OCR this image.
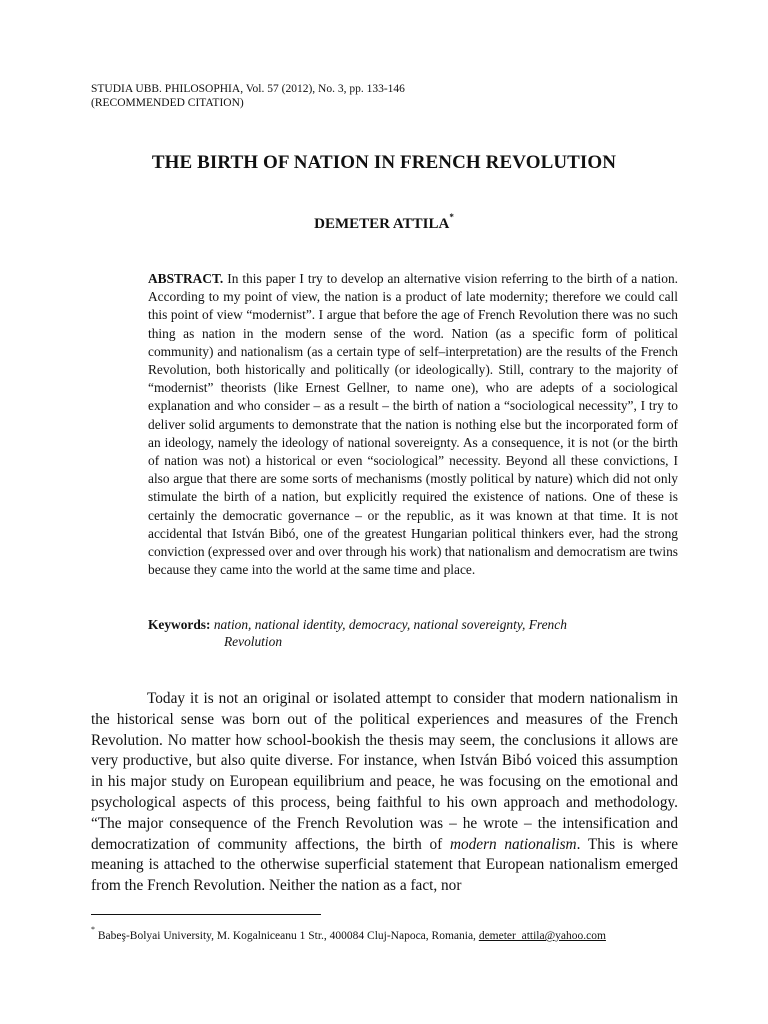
STUDIA UBB. PHILOSOPHIA, Vol. 57 (2012), No. 3, pp. 133-146
(RECOMMENDED CITATION)
THE BIRTH OF NATION IN FRENCH REVOLUTION
DEMETER ATTILA*
ABSTRACT. In this paper I try to develop an alternative vision referring to the birth of a nation. According to my point of view, the nation is a product of late modernity; therefore we could call this point of view “modernist”. I argue that before the age of French Revolution there was no such thing as nation in the modern sense of the word. Nation (as a specific form of political community) and nationalism (as a certain type of self–interpretation) are the results of the French Revolution, both historically and politically (or ideologically). Still, contrary to the majority of “modernist” theorists (like Ernest Gellner, to name one), who are adepts of a sociological explanation and who consider – as a result – the birth of nation a “sociological necessity”, I try to deliver solid arguments to demonstrate that the nation is nothing else but the incorporated form of an ideology, namely the ideology of national sovereignty. As a consequence, it is not (or the birth of nation was not) a historical or even “sociological” necessity. Beyond all these convictions, I also argue that there are some sorts of mechanisms (mostly political by nature) which did not only stimulate the birth of a nation, but explicitly required the existence of nations. One of these is certainly the democratic governance – or the republic, as it was known at that time. It is not accidental that István Bibó, one of the greatest Hungarian political thinkers ever, had the strong conviction (expressed over and over through his work) that nationalism and democratism are twins because they came into the world at the same time and place.
Keywords: nation, national identity, democracy, national sovereignty, French
Revolution
Today it is not an original or isolated attempt to consider that modern nationalism in the historical sense was born out of the political experiences and measures of the French Revolution. No matter how school-bookish the thesis may seem, the conclusions it allows are very productive, but also quite diverse. For instance, when István Bibó voiced this assumption in his major study on European equilibrium and peace, he was focusing on the emotional and psychological aspects of this process, being faithful to his own approach and methodology. “The major consequence of the French Revolution was – he wrote – the intensification and democratization of community affections, the birth of modern nationalism. This is where meaning is attached to the otherwise superficial statement that European nationalism emerged from the French Revolution. Neither the nation as a fact, nor
* Babeş-Bolyai University, M. Kogalniceanu 1 Str., 400084 Cluj-Napoca, Romania, demeter_attila@yahoo.com
